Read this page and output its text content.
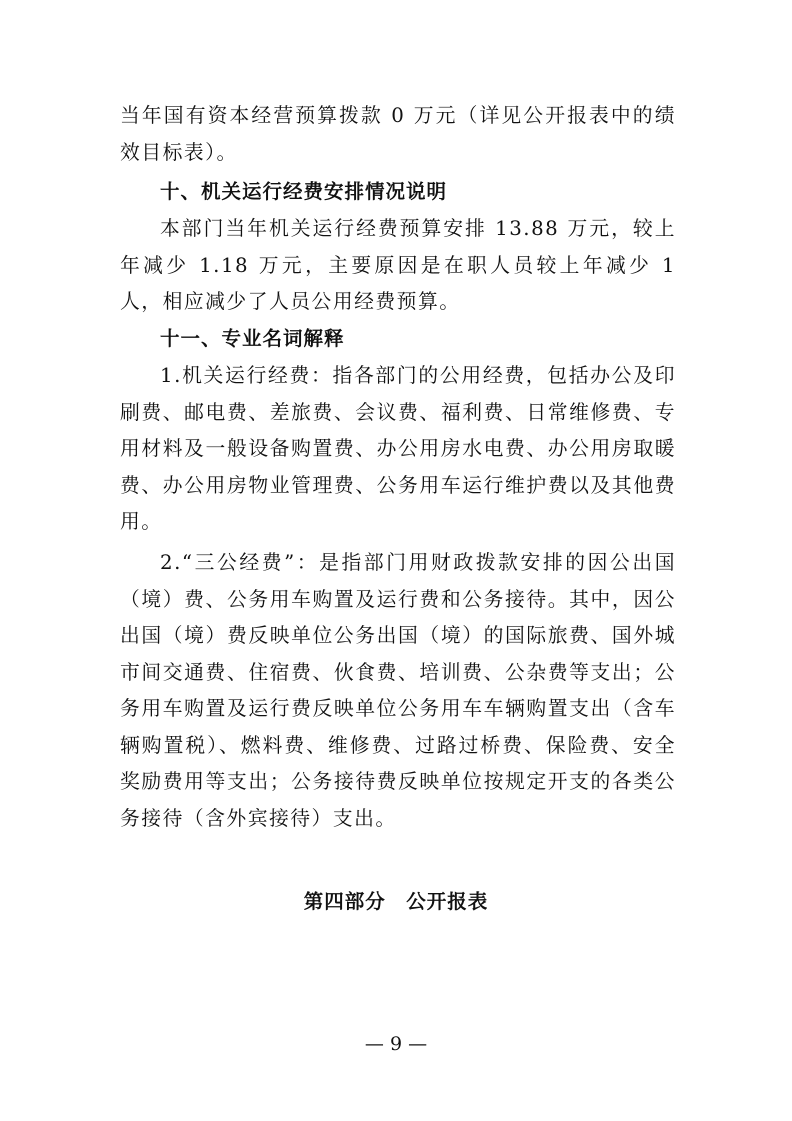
当年国有资本经营预算拨款 0 万元（详见公开报表中的绩效目标表）。

十、机关运行经费安排情况说明

本部门当年机关运行经费预算安排 13.88 万元，较上年减少 1.18 万元，主要原因是在职人员较上年减少 1 人，相应减少了人员公用经费预算。

十一、专业名词解释

1.机关运行经费：指各部门的公用经费，包括办公及印刷费、邮电费、差旅费、会议费、福利费、日常维修费、专用材料及一般设备购置费、办公用房水电费、办公用房取暖费、办公用房物业管理费、公务用车运行维护费以及其他费用。

2.“三公经费”：是指部门用财政拨款安排的因公出国（境）费、公务用车购置及运行费和公务接待。其中，因公出国（境）费反映单位公务出国（境）的国际旅费、国外城市间交通费、住宿费、伙食费、培训费、公杂费等支出；公务用车购置及运行费反映单位公务用车车辆购置支出（含车辆购置税）、燃料费、维修费、过路过桥费、保险费、安全奖励费用等支出；公务接待费反映单位按规定开支的各类公务接待（含外宾接待）支出。

第四部分　公开报表
— 9 —
